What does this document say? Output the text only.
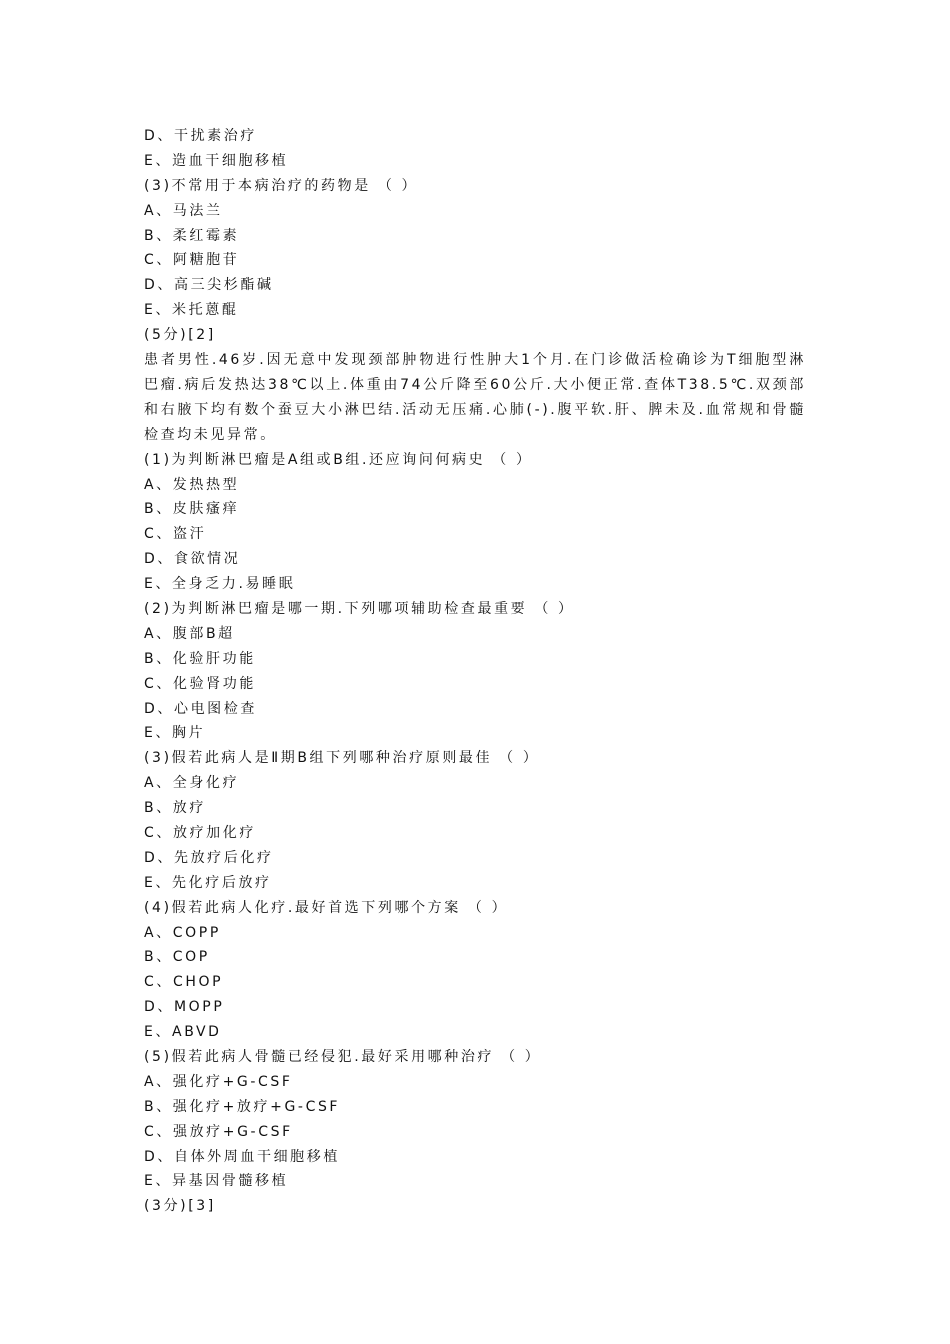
D、干扰素治疗
E、造血干细胞移植
(3)不常用于本病治疗的药物是 （ ）
A、马法兰
B、柔红霉素
C、阿糖胞苷
D、高三尖杉酯碱
E、米托蒽醌
(5分)[2]
患者男性.46岁.因无意中发现颈部肿物进行性肿大1个月.在门诊做活检确诊为T细胞型淋巴瘤.病后发热达38℃以上.体重由74公斤降至60公斤.大小便正常.查体T38.5℃.双颈部和右腋下均有数个蚕豆大小淋巴结.活动无压痛.心肺(-).腹平软.肝、脾未及.血常规和骨髓检查均未见异常。
(1)为判断淋巴瘤是A组或B组.还应询问何病史 （ ）
A、发热热型
B、皮肤瘙痒
C、盗汗
D、食欲情况
E、全身乏力.易睡眠
(2)为判断淋巴瘤是哪一期.下列哪项辅助检查最重要 （ ）
A、腹部B超
B、化验肝功能
C、化验肾功能
D、心电图检查
E、胸片
(3)假若此病人是Ⅱ期B组下列哪种治疗原则最佳 （ ）
A、全身化疗
B、放疗
C、放疗加化疗
D、先放疗后化疗
E、先化疗后放疗
(4)假若此病人化疗.最好首选下列哪个方案 （ ）
A、COPP
B、COP
C、CHOP
D、MOPP
E、ABVD
(5)假若此病人骨髓已经侵犯.最好采用哪种治疗 （ ）
A、强化疗+G-CSF
B、强化疗+放疗+G-CSF
C、强放疗+G-CSF
D、自体外周血干细胞移植
E、异基因骨髓移植
(3分)[3]
